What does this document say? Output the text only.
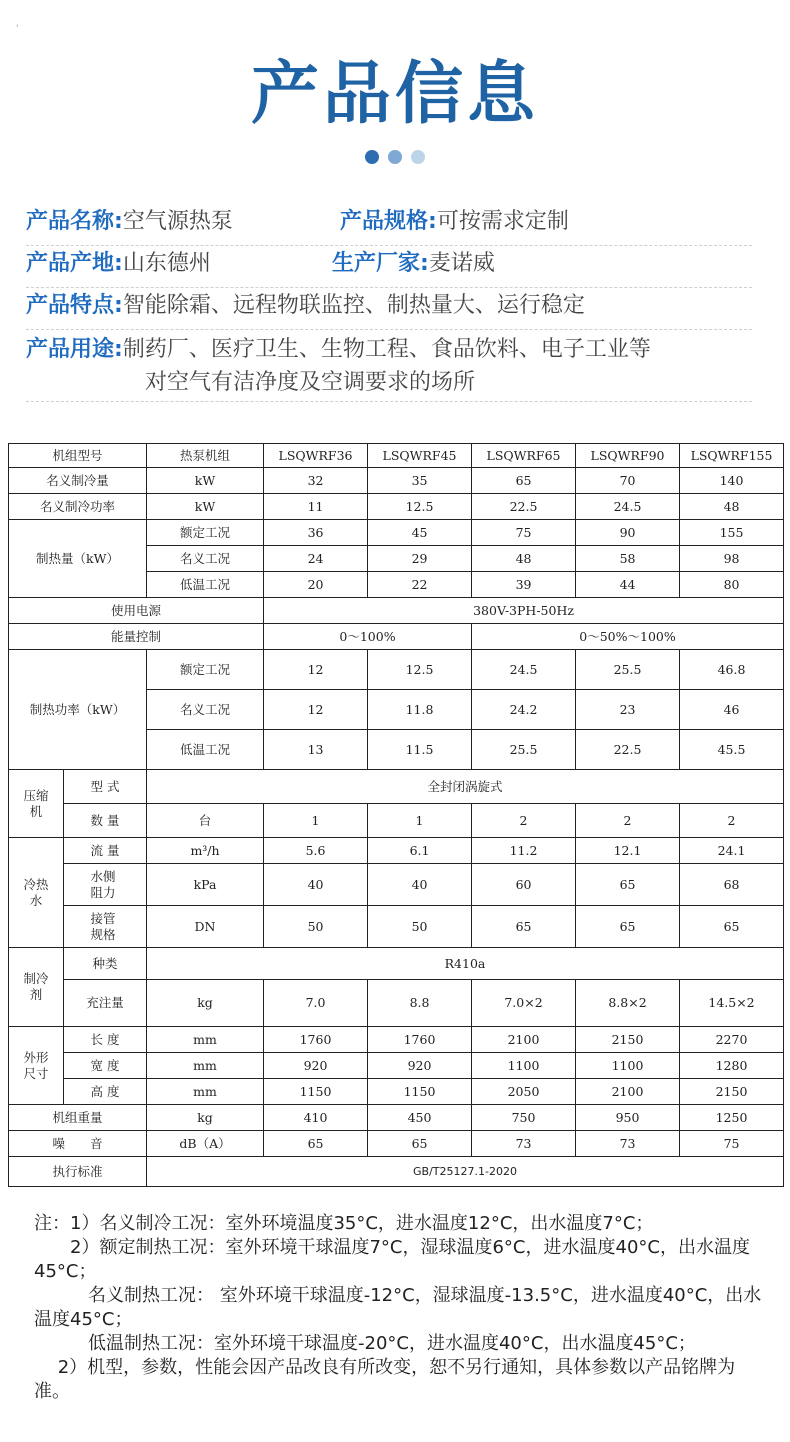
'
产品信息
产品名称:空气源热泵	产品规格:可按需求定制
产品产地:山东德州	生产厂家:麦诺威
产品特点:智能除霜、远程物联监控、制热量大、运行稳定
产品用途:制药厂、医疗卫生、生物工程、食品饮料、电子工业等
对空气有洁净度及空调要求的场所
机组型号		热泵机组	LSQWRF36	LSQWRF45	LSQWRF65	LSQWRF90	LSQWRF155
名义制冷量		kW	32	35	65	70	140
名义制冷功率		kW	11	12.5	22.5	24.5	48
制热量（kW）		额定工况	36	45	75	90	155
		名义工况	24	29	48	58	98
		低温工况	20	22	39	44	80
使用电源			380V-3PH-50Hz				
能量控制			0～100%		0～50%～100%		
制热功率（kW）		额定工况	12	12.5	24.5	25.5	46.8
		名义工况	12	11.8	24.2	23	46
		低温工况	13	11.5	25.5	22.5	45.5
压缩机	型 式	全封闭涡旋式					
	数 量	台	1	1	2	2	2
冷热水	流 量	m³/h	5.6	6.1	11.2	12.1	24.1
	水侧阻力	kPa	40	40	60	65	68
	接管规格	DN	50	50	65	65	65
制冷剂	种类	R410a					
	充注量	kg	7.0	8.8	7.0×2	8.8×2	14.5×2
外形尺寸	长 度	mm	1760	1760	2100	2150	2270
	宽 度	mm	920	920	1100	1100	1280
	高 度	mm	1150	1150	2050	2100	2150
机组重量		kg	410	450	750	950	1250
噪　　音		dB（A）	65	65	73	73	75
执行标准		GB/T25127.1-2020					

注：1）名义制冷工况：室外环境温度35°C，进水温度12°C，出水温度7°C；

　　2）额定制热工况：室外环境干球温度7°C，湿球温度6°C，进水温度40°C，出水温度45°C；

　　　名义制热工况： 室外环境干球温度-12°C，湿球温度-13.5°C，进水温度40°C，出水温度45°C；

　　　低温制热工况：室外环境干球温度-20°C，进水温度40°C，出水温度45°C；

　 2）机型，参数，性能会因产品改良有所改变，恕不另行通知，具体参数以产品铭牌为准。
